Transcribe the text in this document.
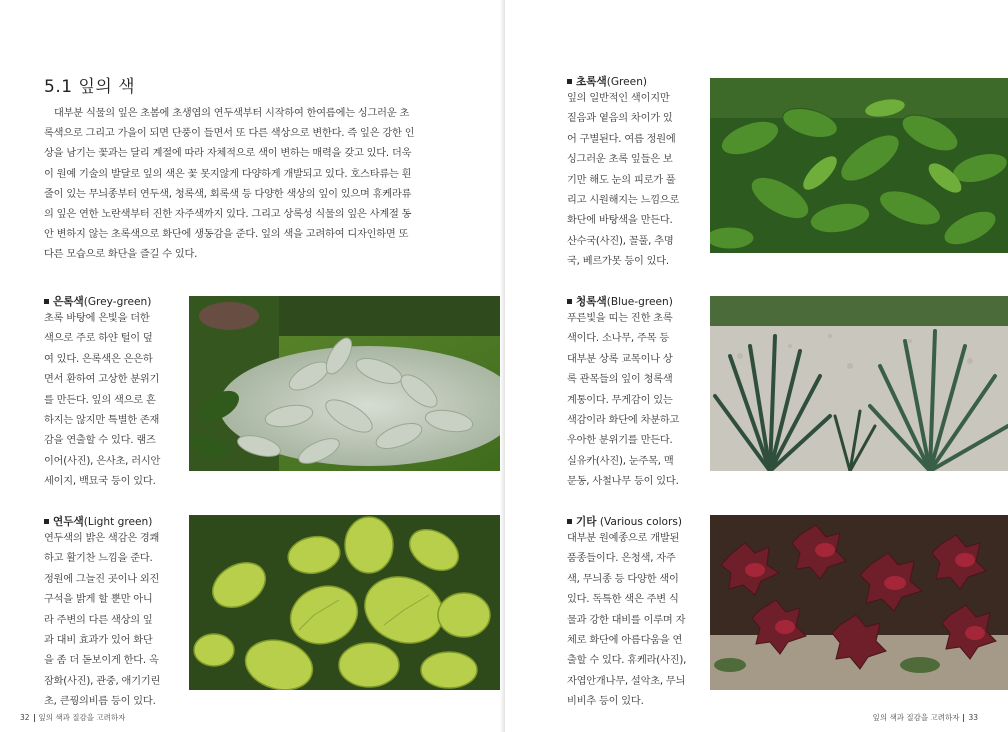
5.1 잎의 색
대부분 식물의 잎은 초봄에 초생엽의 연두색부터 시작하여 한여름에는 싱그러운 초
록색으로 그리고 가을이 되면 단풍이 들면서 또 다른 색상으로 변한다. 즉 잎은 강한 인
상을 남기는 꽃과는 달리 계절에 따라 자체적으로 색이 변하는 매력을 갖고 있다. 더욱
이 원예 기술의 발달로 잎의 색은 꽃 못지않게 다양하게 개발되고 있다. 호스타류는 흰
줄이 있는 무늬종부터 연두색, 청록색, 회록색 등 다양한 색상의 잎이 있으며 휴케라류
의 잎은 연한 노란색부터 진한 자주색까지 있다. 그리고 상록성 식물의 잎은 사계절 동
안 변하지 않는 초록색으로 화단에 생동감을 준다. 잎의 색을 고려하여 디자인하면 또
다른 모습으로 화단을 즐길 수 있다.
은록색(Grey-green)
초록 바탕에 은빛을 더한
색으로 주로 하얀 털이 덮
여 있다. 은록색은 은은하
면서 환하여 고상한 분위기
를 만든다. 잎의 색으로 흔
하지는 않지만 특별한 존재
감을 연출할 수 있다. 램즈
이어(사진), 은사초, 러시안
세이지, 백묘국 등이 있다.
연두색(Light green)
연두색의 밝은 색감은 경쾌
하고 활기찬 느낌을 준다.
정원에 그늘진 곳이나 외진
구석을 밝게 할 뿐만 아니
라 주변의 다른 색상의 잎
과 대비 효과가 있어 화단
을 좀 더 돋보이게 한다. 옥
잠화(사진), 관중, 애기기린
초, 큰꿩의비름 등이 있다.
32 잎의 색과 질감을 고려하자
초록색(Green)
잎의 일반적인 색이지만
짙음과 옅음의 차이가 있
어 구별된다. 여름 정원에
싱그러운 초록 잎들은 보
기만 해도 눈의 피로가 풀
리고 시원해지는 느낌으로
화단에 바탕색을 만든다.
산수국(사진), 꼴풀, 추명
국, 베르가못 등이 있다.
청록색(Blue-green)
푸른빛을 띠는 진한 초록
색이다. 소나무, 주목 등
대부분 상록 교목이나 상
록 관목들의 잎이 청록색
계통이다. 무게감이 있는
색감이라 화단에 차분하고
우아한 분위기를 만든다.
실유카(사진), 눈주목, 맥
문동, 사철나무 등이 있다.
기타 (Various colors)
대부분 원예종으로 개발된
품종들이다. 은청색, 자주
색, 무늬종 등 다양한 색이
있다. 독특한 색은 주변 식
물과 강한 대비를 이루며 자
체로 화단에 아름다움을 연
출할 수 있다. 휴케라(사진),
자엽안개나무, 설악초, 무늬
비비추 등이 있다.
잎의 색과 질감을 고려하자 33
